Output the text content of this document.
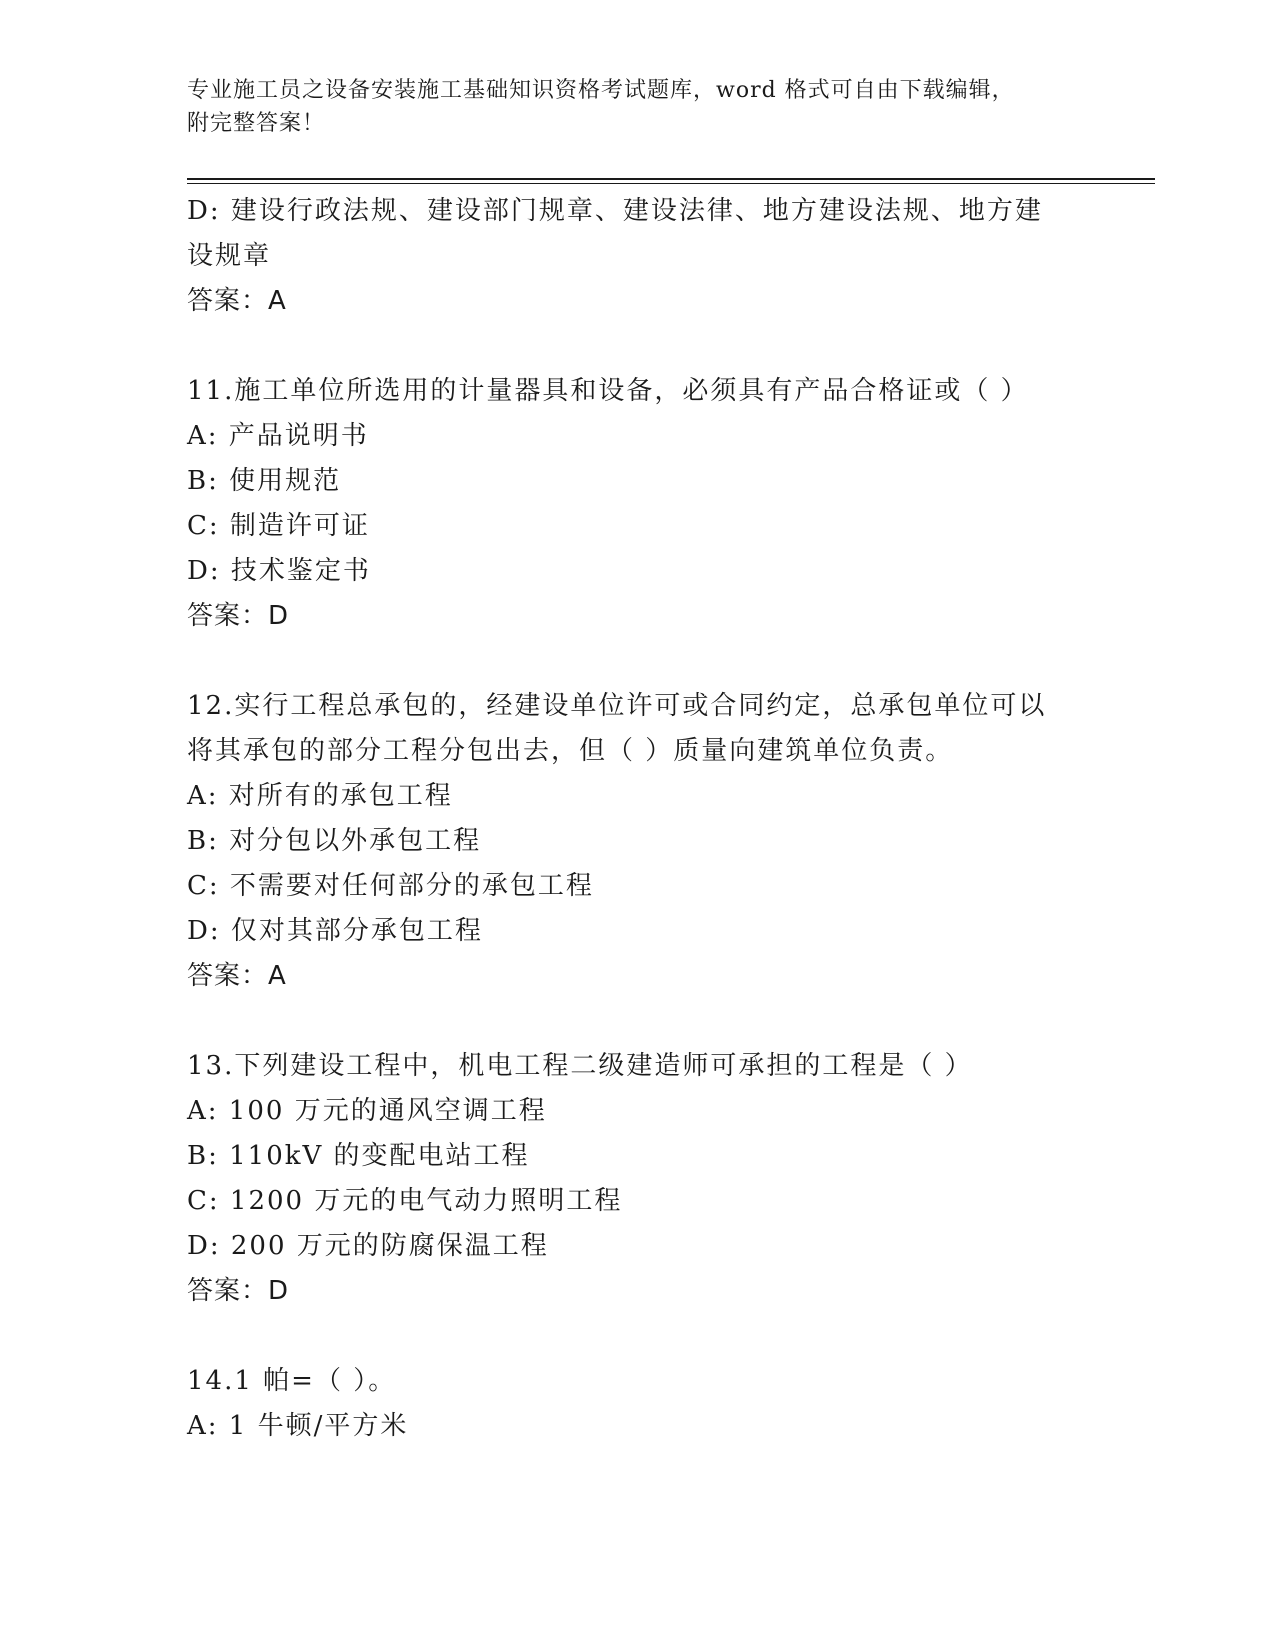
专业施工员之设备安装施工基础知识资格考试题库，word 格式可自由下载编辑，
附完整答案！
D: 建设行政法规、建设部门规章、建设法律、地方建设法规、地方建
设规章
答案：A
11.施工单位所选用的计量器具和设备，必须具有产品合格证或（ ）
A: 产品说明书
B: 使用规范
C: 制造许可证
D: 技术鉴定书
答案：D
12.实行工程总承包的，经建设单位许可或合同约定，总承包单位可以
将其承包的部分工程分包出去，但（ ）质量向建筑单位负责。
A: 对所有的承包工程
B: 对分包以外承包工程
C: 不需要对任何部分的承包工程
D: 仅对其部分承包工程
答案：A
13.下列建设工程中，机电工程二级建造师可承担的工程是（ ）
A: 100 万元的通风空调工程
B: 110kV 的变配电站工程
C: 1200 万元的电气动力照明工程
D: 200 万元的防腐保温工程
答案：D
14.1 帕=（ ）。
A: 1 牛顿/平方米
